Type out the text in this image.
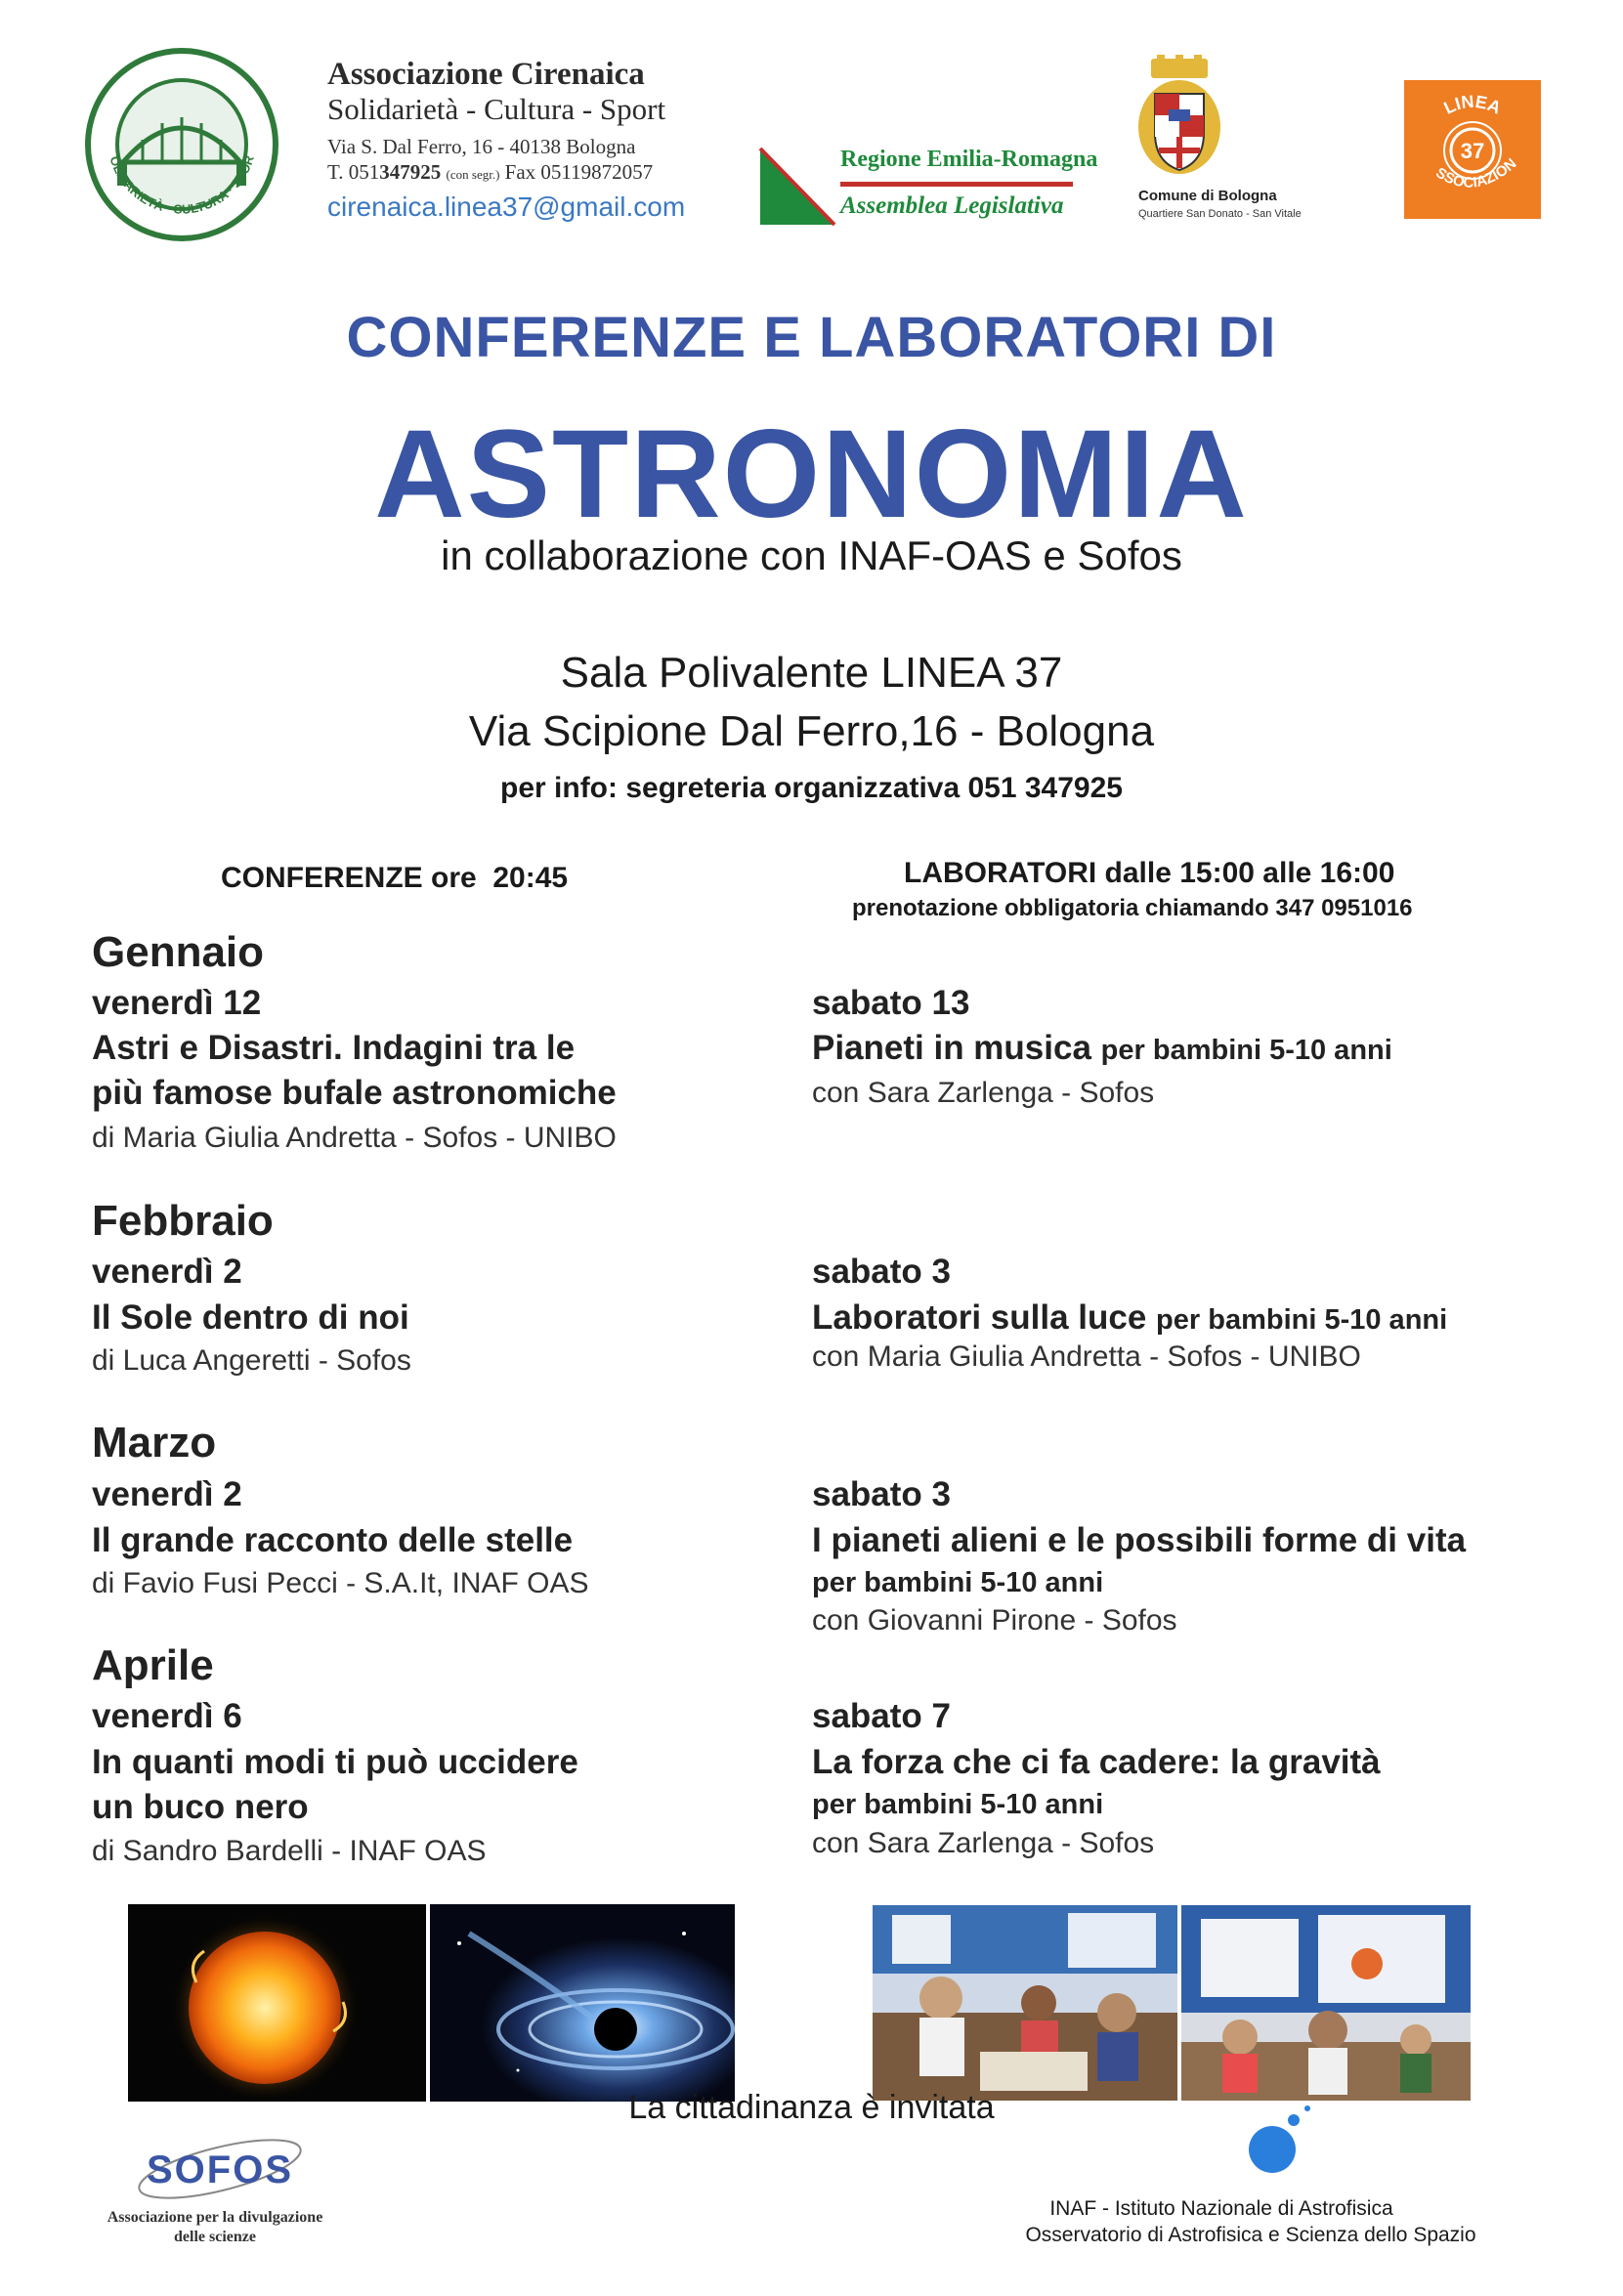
OLIDARIETÀ · CULTURA · SPOR
Associazione Cirenaica
Solidarietà - Cultura - Sport
Via S. Dal Ferro, 16 - 40138 Bologna
T. 051347925 (con segr.) Fax 05119872057
cirenaica.linea37@gmail.com
Regione Emilia-Romagna
Assemblea Legislativa	Comune di Bologna
Quartiere San Donato - San Vitale
LINEA
37
SSOCIAZION
CONFERENZE E LABORATORI DI
ASTRONOMIA
in collaborazione con INAF-OAS e Sofos
Sala Polivalente LINEA 37
Via Scipione Dal Ferro,16 - Bologna
per info: segreteria organizzativa 051 347925
CONFERENZE ore  20:45	LABORATORI dalle 15:00 alle 16:00
prenotazione obbligatoria chiamando 347 0951016
Gennaio
venerdì 12
Astri e Disastri. Indagini tra le
più famose bufale astronomiche
di Maria Giulia Andretta - Sofos - UNIBO
sabato 13
Pianeti in musica per bambini 5-10 anni
con Sara Zarlenga - Sofos
Febbraio
venerdì 2
Il Sole dentro di noi
di Luca Angeretti - Sofos
sabato 3
Laboratori sulla luce per bambini 5-10 anni
con Maria Giulia Andretta - Sofos - UNIBO
Marzo
venerdì 2
Il grande racconto delle stelle
di Favio Fusi Pecci - S.A.It, INAF OAS
sabato 3
I pianeti alieni e le possibili forme di vita
per bambini 5-10 anni
con Giovanni Pirone - Sofos
Aprile
venerdì 6
In quanti modi ti può uccidere
un buco nero
di Sandro Bardelli - INAF OAS
sabato 7
La forza che ci fa cadere: la gravità
per bambini 5-10 anni
con Sara Zarlenga - Sofos
La cittadinanza è invitata
SOFOS
Associazione per la divulgazione
delle scienze
INAF - Istituto Nazionale di Astrofisica
Osservatorio di Astrofisica e Scienza dello Spazio
